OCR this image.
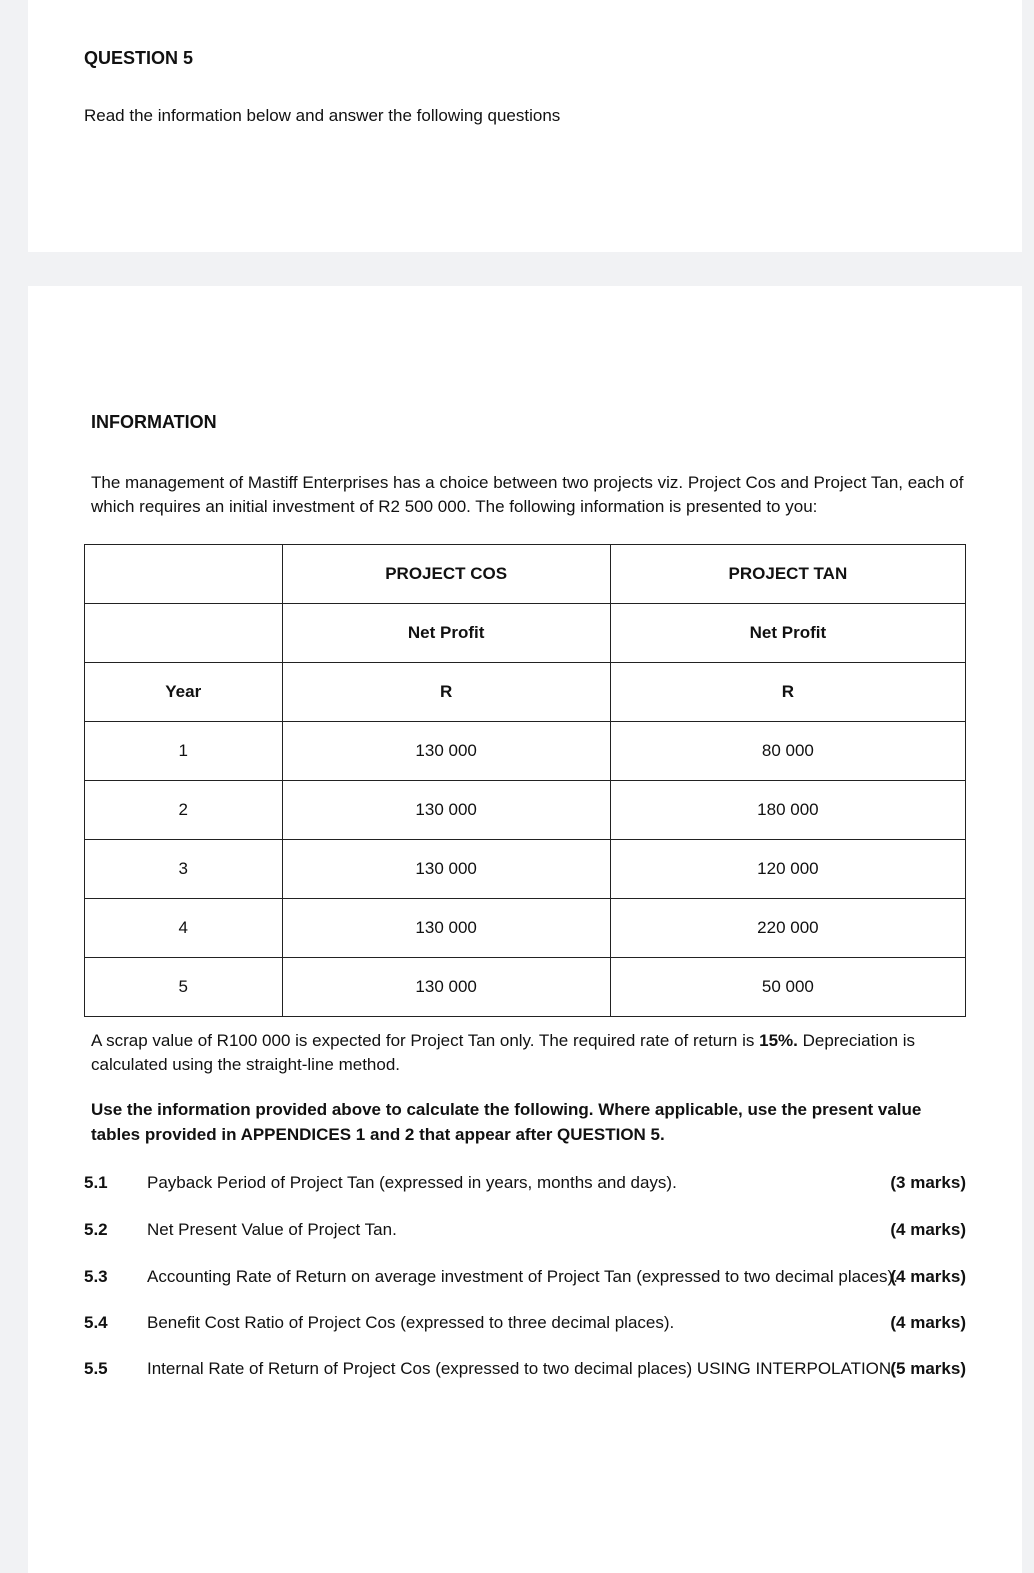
QUESTION 5

Read the information below and answer the following questions

INFORMATION

The management of Mastiff Enterprises has a choice between two projects viz. Project Cos and Project Tan, each of which requires an initial investment of R2 500 000. The following information is presented to you:

	PROJECT COS	PROJECT TAN
	Net Profit	Net Profit
Year	R	R
1	130 000	80 000
2	130 000	180 000
3	130 000	120 000
4	130 000	220 000
5	130 000	50 000

A scrap value of R100 000 is expected for Project Tan only. The required rate of return is 15%. Depreciation is calculated using the straight-line method.

Use the information provided above to calculate the following. Where applicable, use the present value tables provided in APPENDICES 1 and 2 that appear after QUESTION 5.

5.1 Payback Period of Project Tan (expressed in years, months and days).	(3 marks)
5.2 Net Present Value of Project Tan.	(4 marks)
5.3 Accounting Rate of Return on average investment of Project Tan (expressed to two decimal places).
(4 marks)
5.4 Benefit Cost Ratio of Project Cos (expressed to three decimal places).	(4 marks)
5.5 Internal Rate of Return of Project Cos (expressed to two decimal places) USING INTERPOLATION.
(5 marks)
